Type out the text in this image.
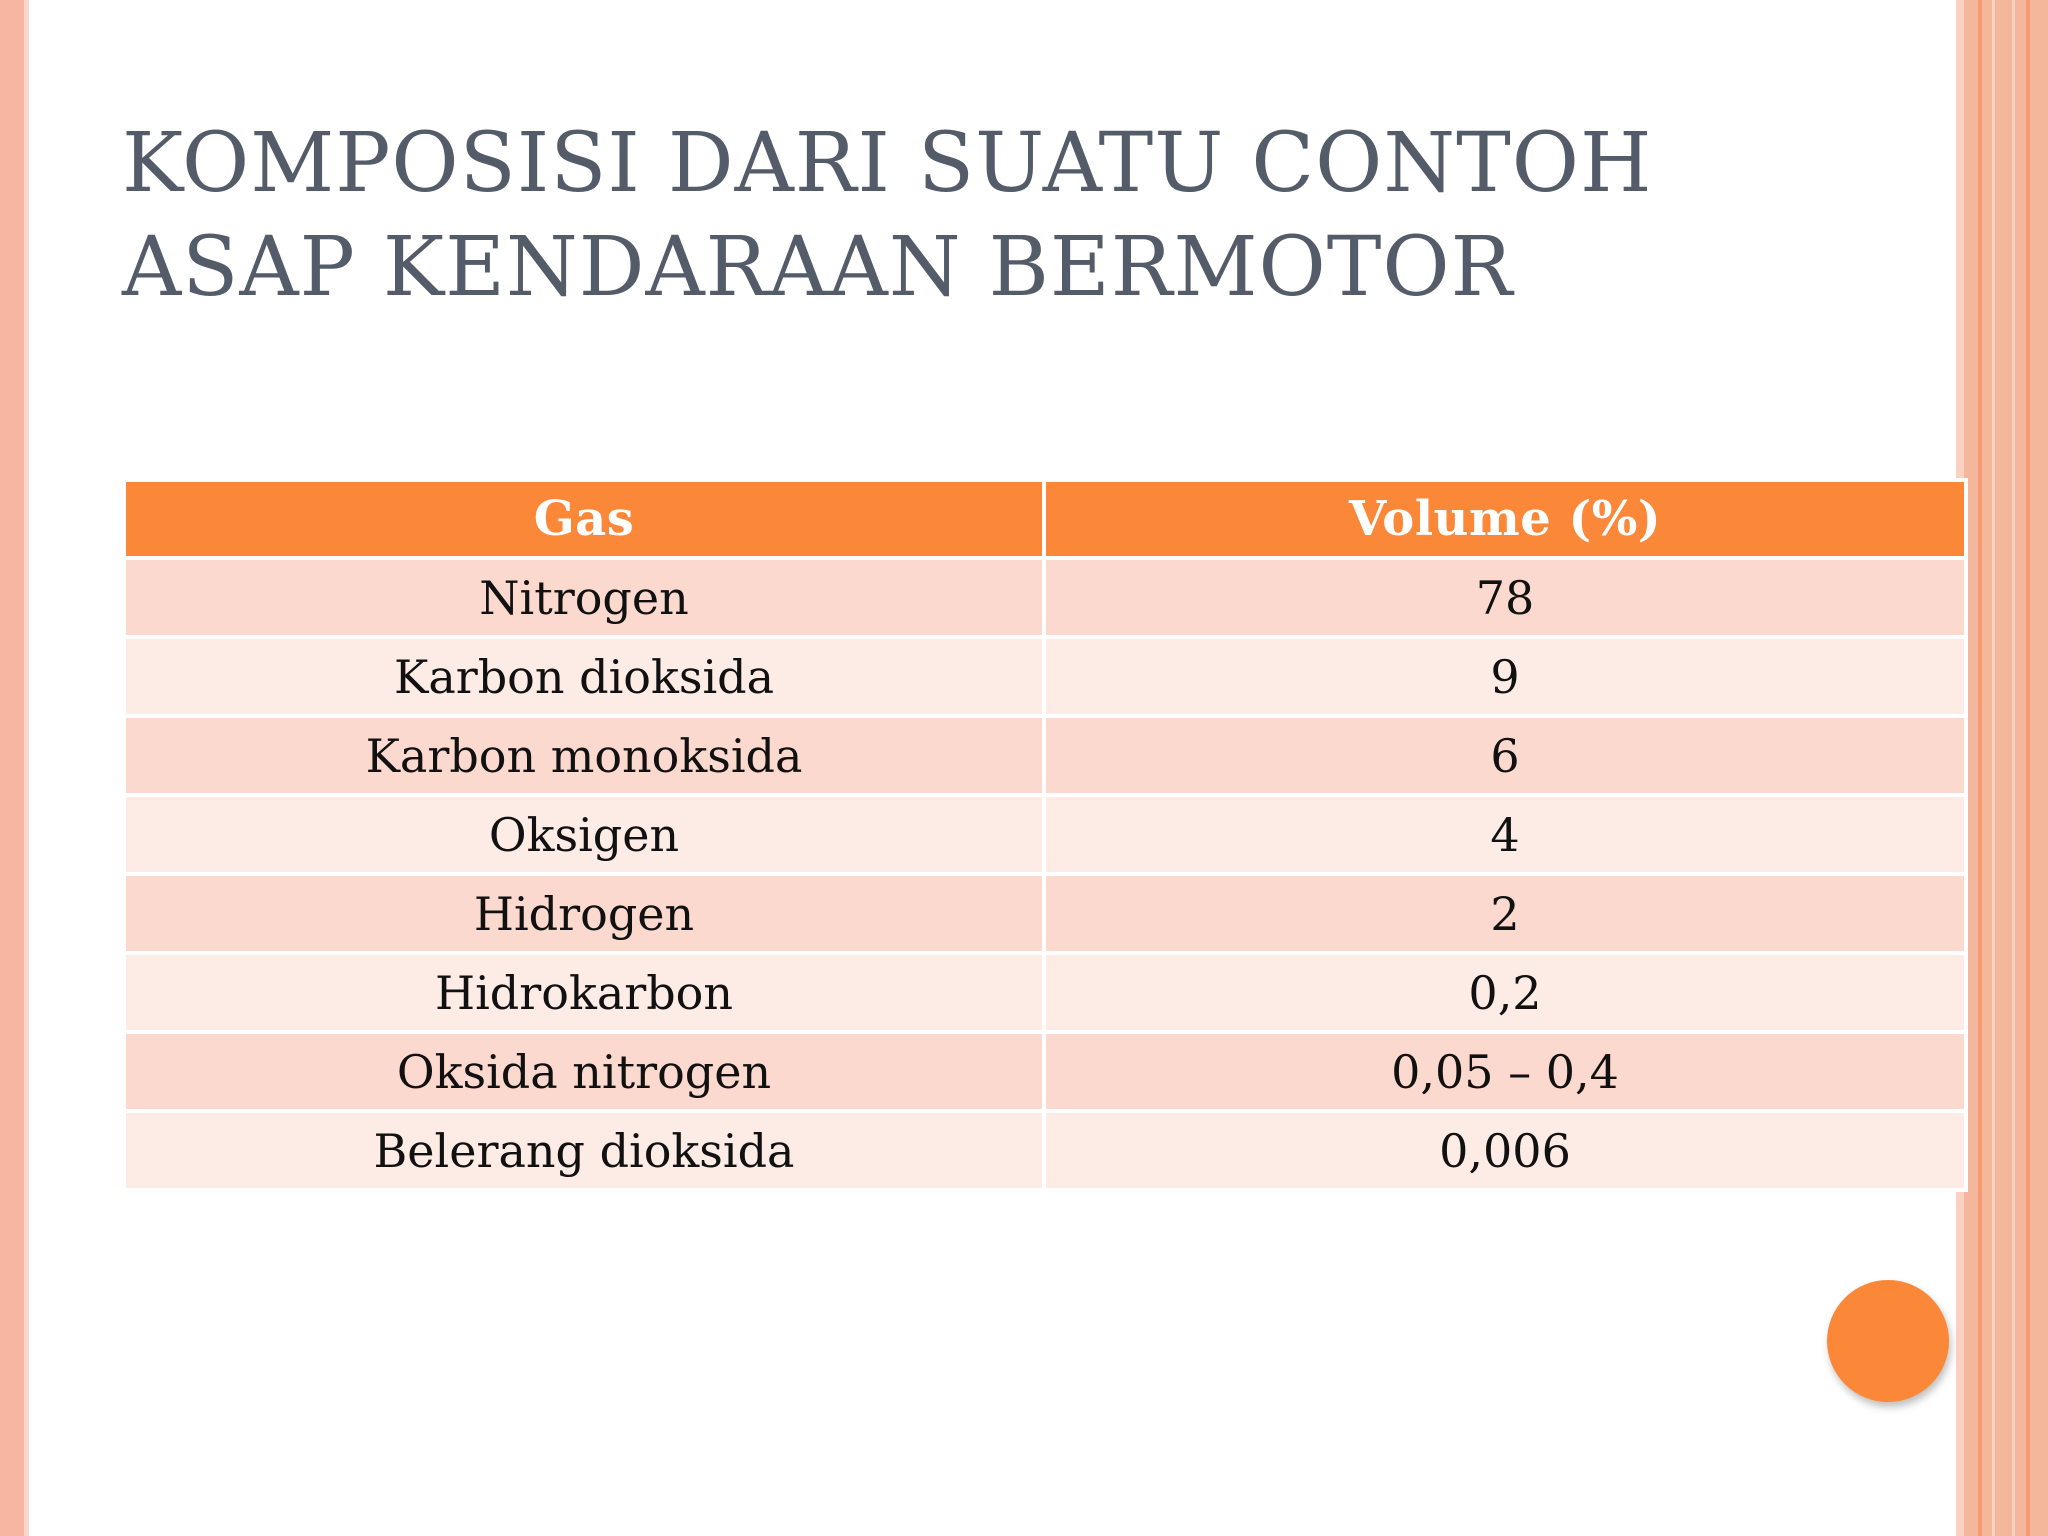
KOMPOSISI DARI SUATU CONTOH
ASAP KENDARAAN BERMOTOR
Gas	Volume (%)
Nitrogen	78
Karbon dioksida	9
Karbon monoksida	6
Oksigen	4
Hidrogen	2
Hidrokarbon	0,2
Oksida nitrogen	0,05 – 0,4
Belerang dioksida	0,006
